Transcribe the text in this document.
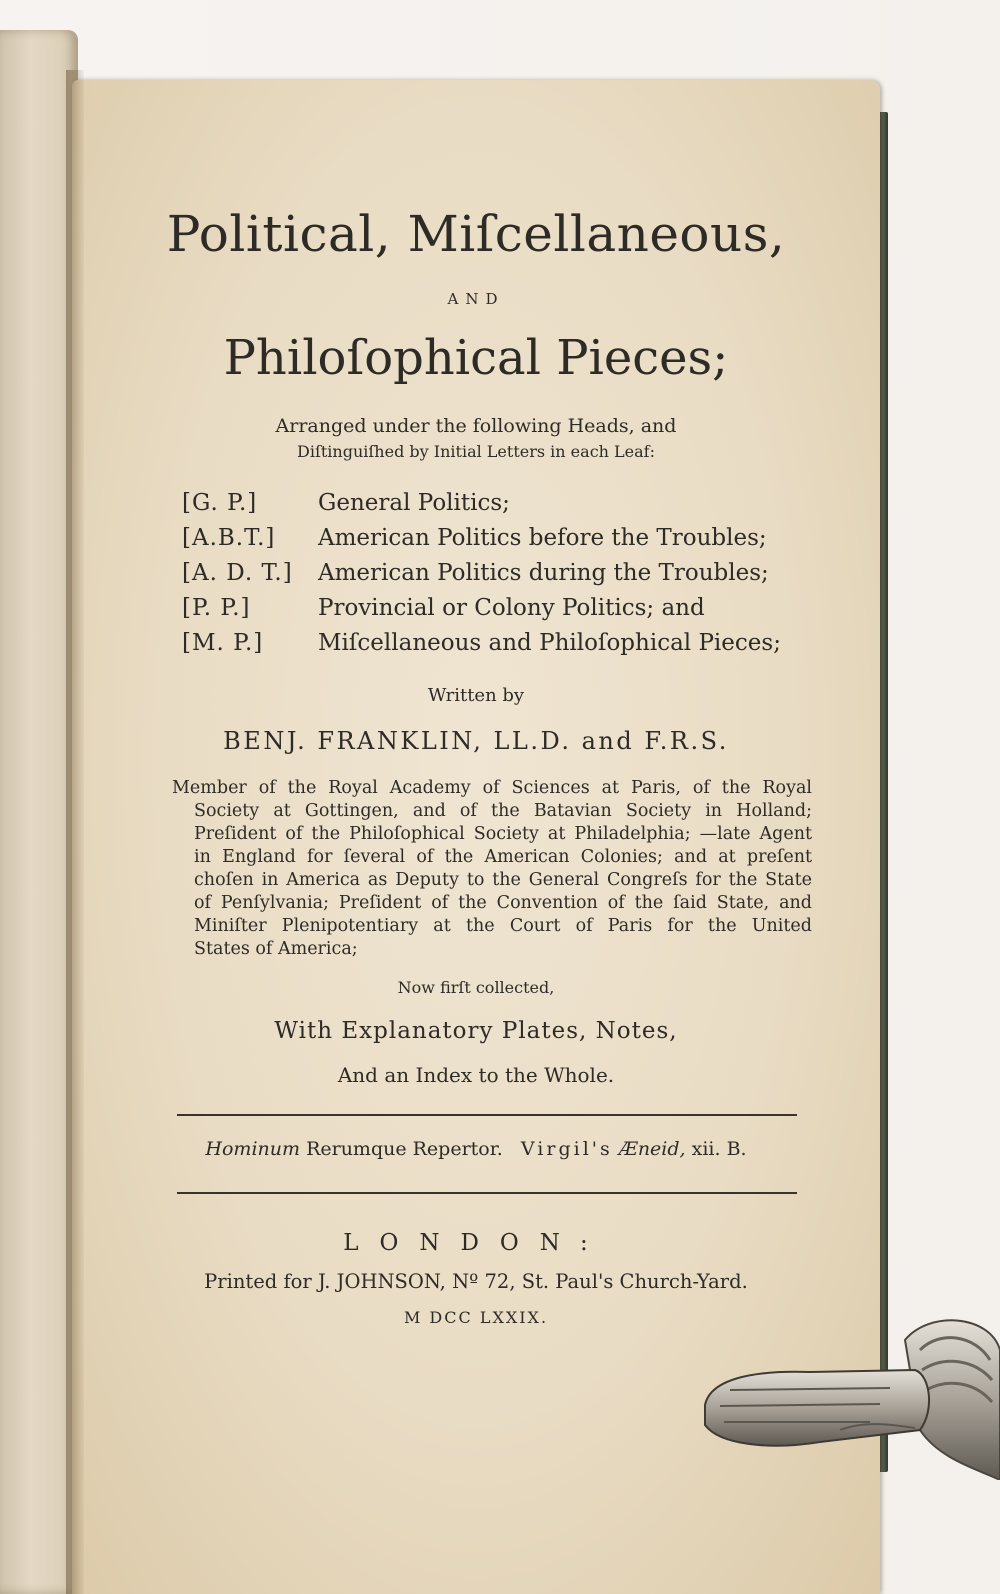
Political, Miſcellaneous,
AND
Philoſophical Pieces;
Arranged under the following Heads, and
Diſtinguiſhed by Initial Letters in each Leaf:
[G. P.]	General Politics;
[A.B.T.]	American Politics before the Troubles;
[A. D. T.]	American Politics during the Troubles;
[P. P.]	Provincial or Colony Politics; and
[M. P.]	Miſcellaneous and Philoſophical Pieces;
Written by
BENJ. FRANKLIN, LL.D. and F.R.S.
Member of the Royal Academy of Sciences at Paris, of the Royal
Society at Gottingen, and of the Batavian Society in Holland;
Preſident of the Philoſophical Society at Philadelphia; —late Agent
in England for ſeveral of the American Colonies; and at preſent
choſen in America as Deputy to the General Congreſs for the State
of Penſylvania; Preſident of the Convention of the ſaid State, and
Miniſter Plenipotentiary at the Court of Paris for the United
States of America;
Now firſt collected,
With Explanatory Plates, Notes,
And an Index to the Whole.
Hominum Rerumque Repertor. Virgil's Æneid, xii. B.
LONDON:
Printed for J. JOHNSON, Nº 72, St. Paul's Church-Yard.
M DCC LXXIX.
